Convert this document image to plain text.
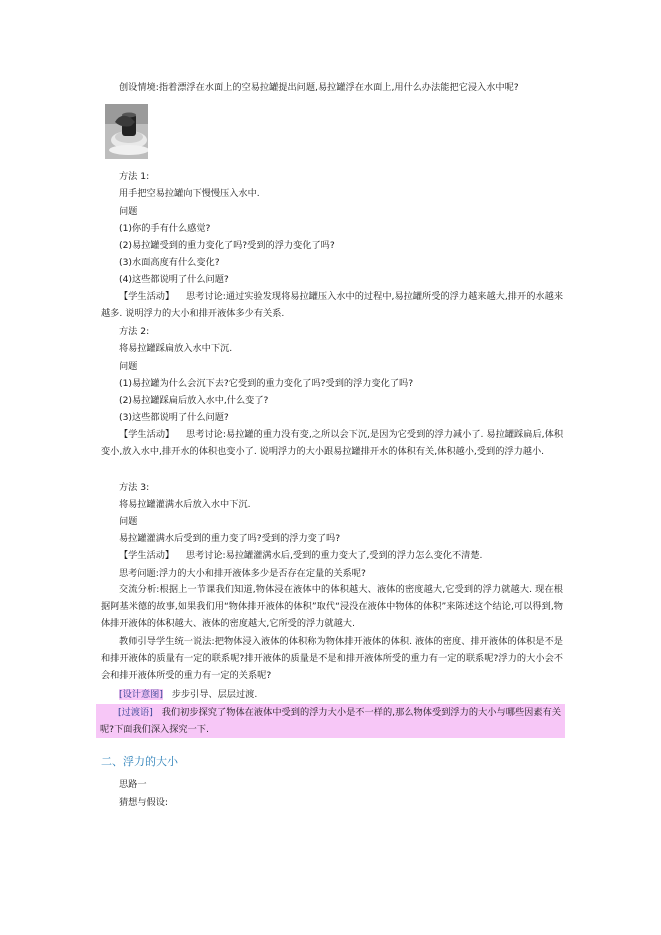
创设情境:指着漂浮在水面上的空易拉罐提出问题,易拉罐浮在水面上,用什么办法能把它浸入水中呢?
方法 1:
用手把空易拉罐向下慢慢压入水中.
问题
(1)你的手有什么感觉?
(2)易拉罐受到的重力变化了吗?受到的浮力变化了吗?
(3)水面高度有什么变化?
(4)这些都说明了什么问题?
【学生活动】 思考讨论:通过实验发现将易拉罐压入水中的过程中,易拉罐所受的浮力越来越大,排开的水越来越多. 说明浮力的大小和排开液体多少有关系.
方法 2:
将易拉罐踩扁放入水中下沉.
问题
(1)易拉罐为什么会沉下去?它受到的重力变化了吗?受到的浮力变化了吗?
(2)易拉罐踩扁后放入水中,什么变了?
(3)这些都说明了什么问题?
【学生活动】 思考讨论:易拉罐的重力没有变,之所以会下沉,是因为它受到的浮力减小了. 易拉罐踩扁后,体积变小,放入水中,排开水的体积也变小了. 说明浮力的大小跟易拉罐排开水的体积有关,体积越小,受到的浮力越小.
方法 3:
将易拉罐灌满水后放入水中下沉.
问题
易拉罐灌满水后受到的重力变了吗?受到的浮力变了吗?
【学生活动】 思考讨论:易拉罐灌满水后,受到的重力变大了,受到的浮力怎么变化不清楚.
思考问题:浮力的大小和排开液体多少是否存在定量的关系呢?
交流分析:根据上一节课我们知道,物体浸在液体中的体积越大、液体的密度越大,它受到的浮力就越大. 现在根据阿基米德的故事,如果我们用“物体排开液体的体积”取代“浸没在液体中物体的体积”来陈述这个结论,可以得到,物体排开液体的体积越大、液体的密度越大,它所受的浮力就越大.
教师引导学生统一说法:把物体浸入液体的体积称为物体排开液体的体积. 液体的密度、排开液体的体积是不是和排开液体的质量有一定的联系呢?排开液体的质量是不是和排开液体所受的重力有一定的联系呢?浮力的大小会不会和排开液体所受的重力有一定的关系呢?
[设计意图] 步步引导、层层过渡.
[过渡语] 我们初步探究了物体在液体中受到的浮力大小是不一样的,那么物体受到浮力的大小与哪些因素有关呢?下面我们深入探究一下.
二、浮力的大小
思路一
猜想与假设:
